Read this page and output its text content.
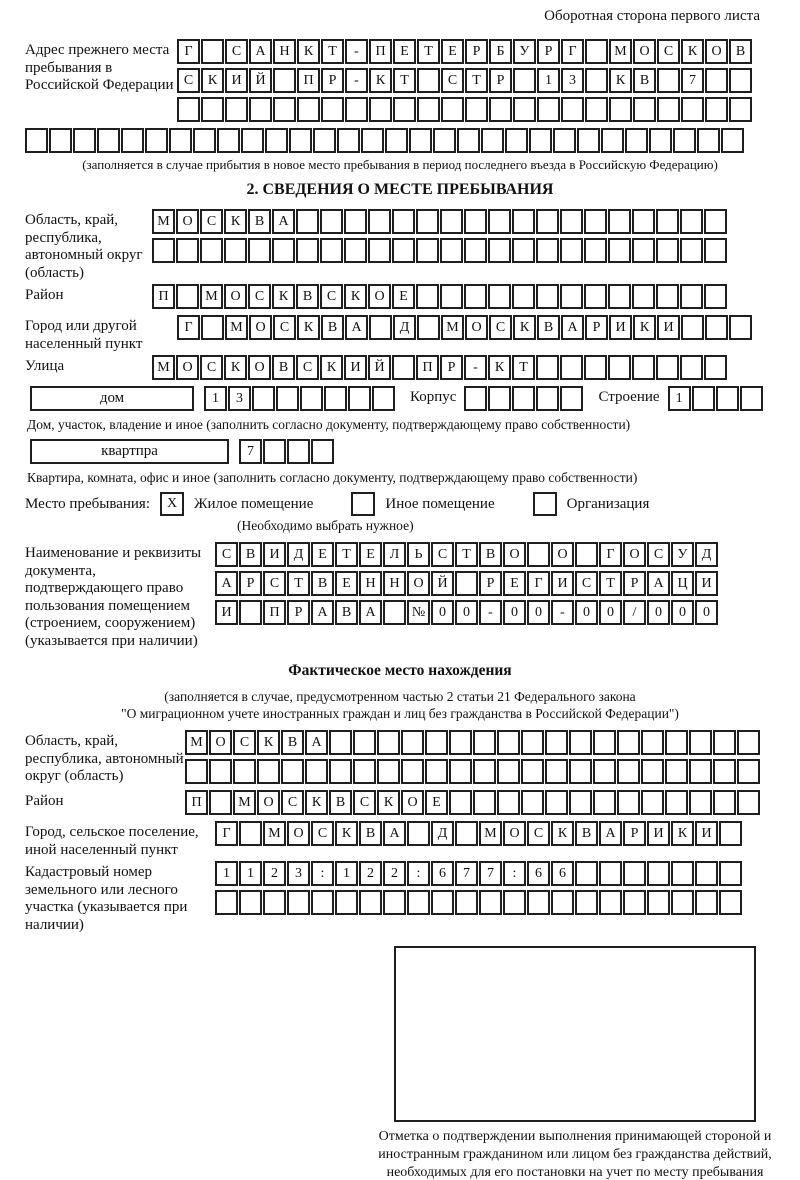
Оборотная сторона первого листа
Адрес прежнего места пребывания в Российской Федерации
Г	С	А Н	К	Т	-	П	Е	Т	Е	Р	Б	У	Р	Г	М О	С	К	О	В
С	К	И Й	П	Р	-	К	Т	С	Т	Р	1	3	К	В	7
(заполняется в случае прибытия в новое место пребывания в период последнего въезда в Российскую Федерацию)
2. СВЕДЕНИЯ О МЕСТЕ ПРЕБЫВАНИЯ
Область, край, республика, автономный округ (область)
М О	С	К	В	А
Район	П	М О	С	К	В	С	К	О	Е
Город или другой населенный пункт
Г	М О	С	К	В	А	Д	М О	С	К	В	А	Р	И	К	И
Улица	М О	С	К	О	В	С	К	И Й	П	Р	-	К	Т
дом	1	3	Корпус	Строение	1
Дом, участок, владение и иное (заполнить согласно документу, подтверждающему право собственности)
квартпра	7
Квартира, комната, офис и иное (заполнить согласно документу, подтверждающему право собственности)
Место пребывания:	X	Жилое помещение	Иное помещение	Организация
(Необходимо выбрать нужное)
Наименование и реквизиты документа, подтверждающего право пользования помещением (строением, сооружением) (указывается при наличии)
С	В	И	Д	Е	Т	Е	Л	Ь	С	Т	В	О	О	Г	О	С	У	Д
А	Р	С	Т	В	Е	Н Н О Й	Р	Е	Г	И	С	Т	Р	А Ц И
И	П	Р	А	В	А	№ 0	0	-	0	0	-	0	0	/	0	0	0
Фактическое место нахождения
(заполняется в случае, предусмотренном частью 2 статьи 21 Федерального закона
"О миграционном учете иностранных граждан и лиц без гражданства в Российской Федерации")
Область, край, республика, автономный округ (область)
М О	С	К	В	А
Район	П	М О	С	К	В	С	К	О	Е
Город, сельское поселение, иной населенный пункт
Г	М О	С	К	В	А	Д	М О	С	К	В	А	Р	И	К	И
Кадастровый номер земельного или лесного участка (указывается при наличии)
1	1	2	3	:	1	2	2	:	6	7	7	:	6	6
Отметка о подтверждении выполнения принимающей стороной и иностранным гражданином или лицом без гражданства действий, необходимых для его постановки на учет по месту пребывания
